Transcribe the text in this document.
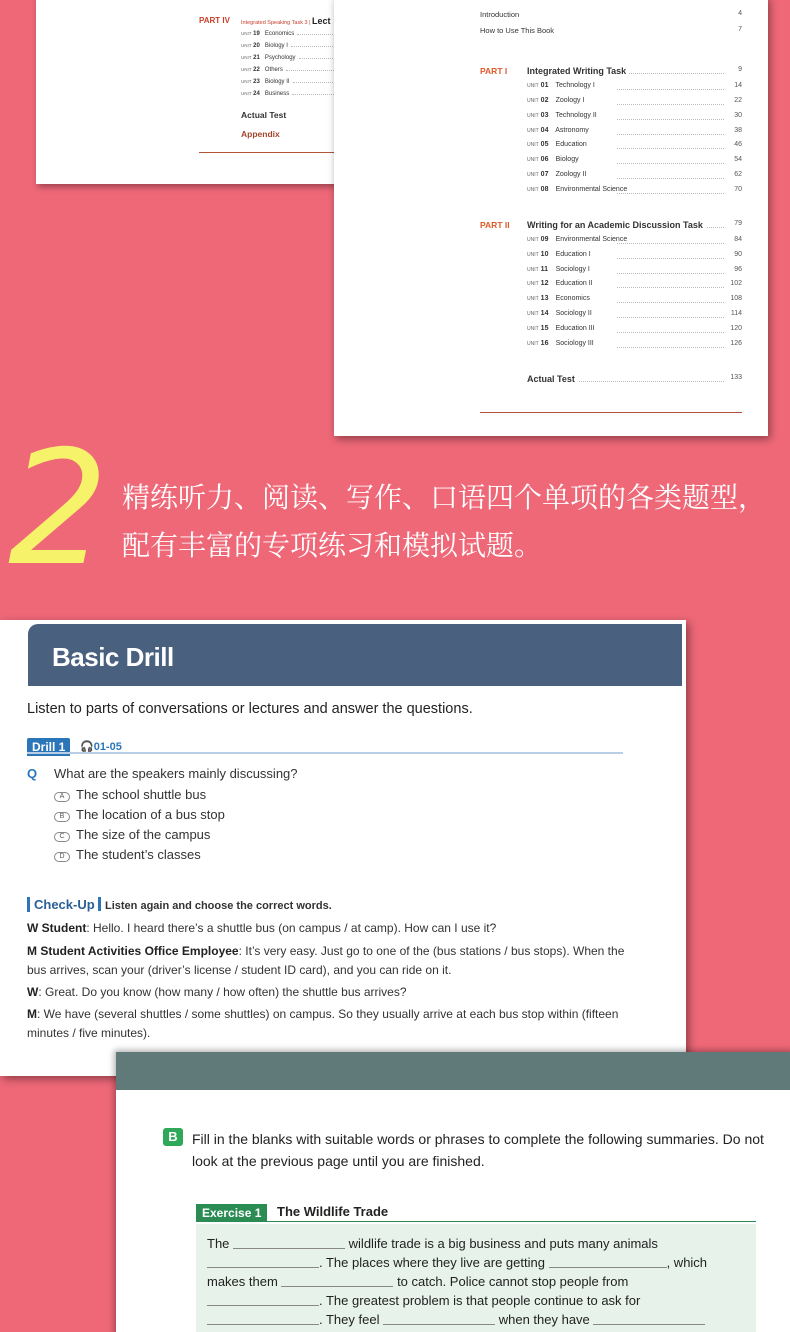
PART IV Integrated Speaking Task 3 | Lect
UNIT 19 Economics
UNIT 20 Biology I
UNIT 21 Psychology
UNIT 22 Others
UNIT 23 Biology II
UNIT 24 Business
Actual Test
Appendix
Introduction	4
How to Use This Book	7
PART I Integrated Writing Task	9
UNIT 01 Technology I	14
UNIT 02 Zoology I	22
UNIT 03 Technology II	30
UNIT 04 Astronomy	38
UNIT 05 Education	46
UNIT 06 Biology	54
UNIT 07 Zoology II	62
UNIT 08 Environmental Science	70
PART II Writing for an Academic Discussion Task	79
UNIT 09 Environmental Science	84
UNIT 10 Education I	90
UNIT 11 Sociology I	96
UNIT 12 Education II	102
UNIT 13 Economics	108
UNIT 14 Sociology II	114
UNIT 15 Education III	120
UNIT 16 Sociology III	126
Actual Test	133
2 精练听力、阅读、写作、口语四个单项的各类题型，配有丰富的专项练习和模拟试题。
Basic Drill
Listen to parts of conversations or lectures and answer the questions.
Drill 1	🎧01-05
Q What are the speakers mainly discussing?
A The school shuttle bus
B The location of a bus stop
C The size of the campus
D The student’s classes
Check-Up Listen again and choose the correct words.
W Student: Hello. I heard there’s a shuttle bus (on campus / at camp). How can I use it?
M Student Activities Office Employee: It’s very easy. Just go to one of the (bus stations / bus stops). When the bus arrives, scan your (driver’s license / student ID card), and you can ride on it.
W: Great. Do you know (how many / how often) the shuttle bus arrives?
M: We have (several shuttles / some shuttles) on campus. So they usually arrive at each bus stop within (fifteen minutes / five minutes).
B	Fill in the blanks with suitable words or phrases to complete the following summaries. Do not look at the previous page until you are finished.
Exercise 1	The Wildlife Trade

The	wildlife trade is a big business and puts many animals . The places where they live are getting	, which
makes them	to catch. Police cannot stop people from
. The greatest problem is that people continue to ask for
. They feel	when they have
